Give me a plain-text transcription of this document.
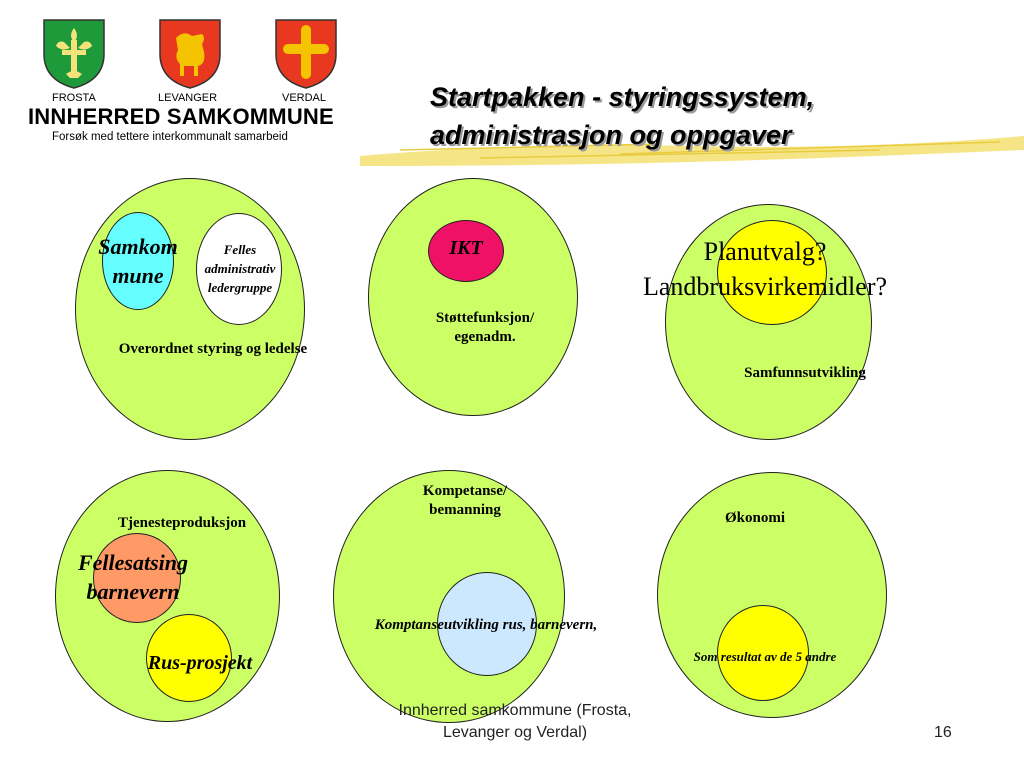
FROSTA	LEVANGER	VERDAL
INNHERRED SAMKOMMUNE
Forsøk med tettere interkommunalt samarbeid
Startpakken - styringssystem,
administrasjon og oppgaver
Samkom
mune
Felles
administrativ
ledergruppe
Overordnet styring og ledelse
IKT
Støttefunksjon/
egenadm.
Planutvalg?
Landbruksvirkemidler?
Samfunnsutvikling
Tjenesteproduksjon
Fellesatsing
barnevern
Rus-prosjekt
Kompetanse/
bemanning
Komptanseutvikling rus, barnevern,
Økonomi
Som resultat av de 5 andre
Innherred samkommune (Frosta,
Levanger og Verdal)	16
